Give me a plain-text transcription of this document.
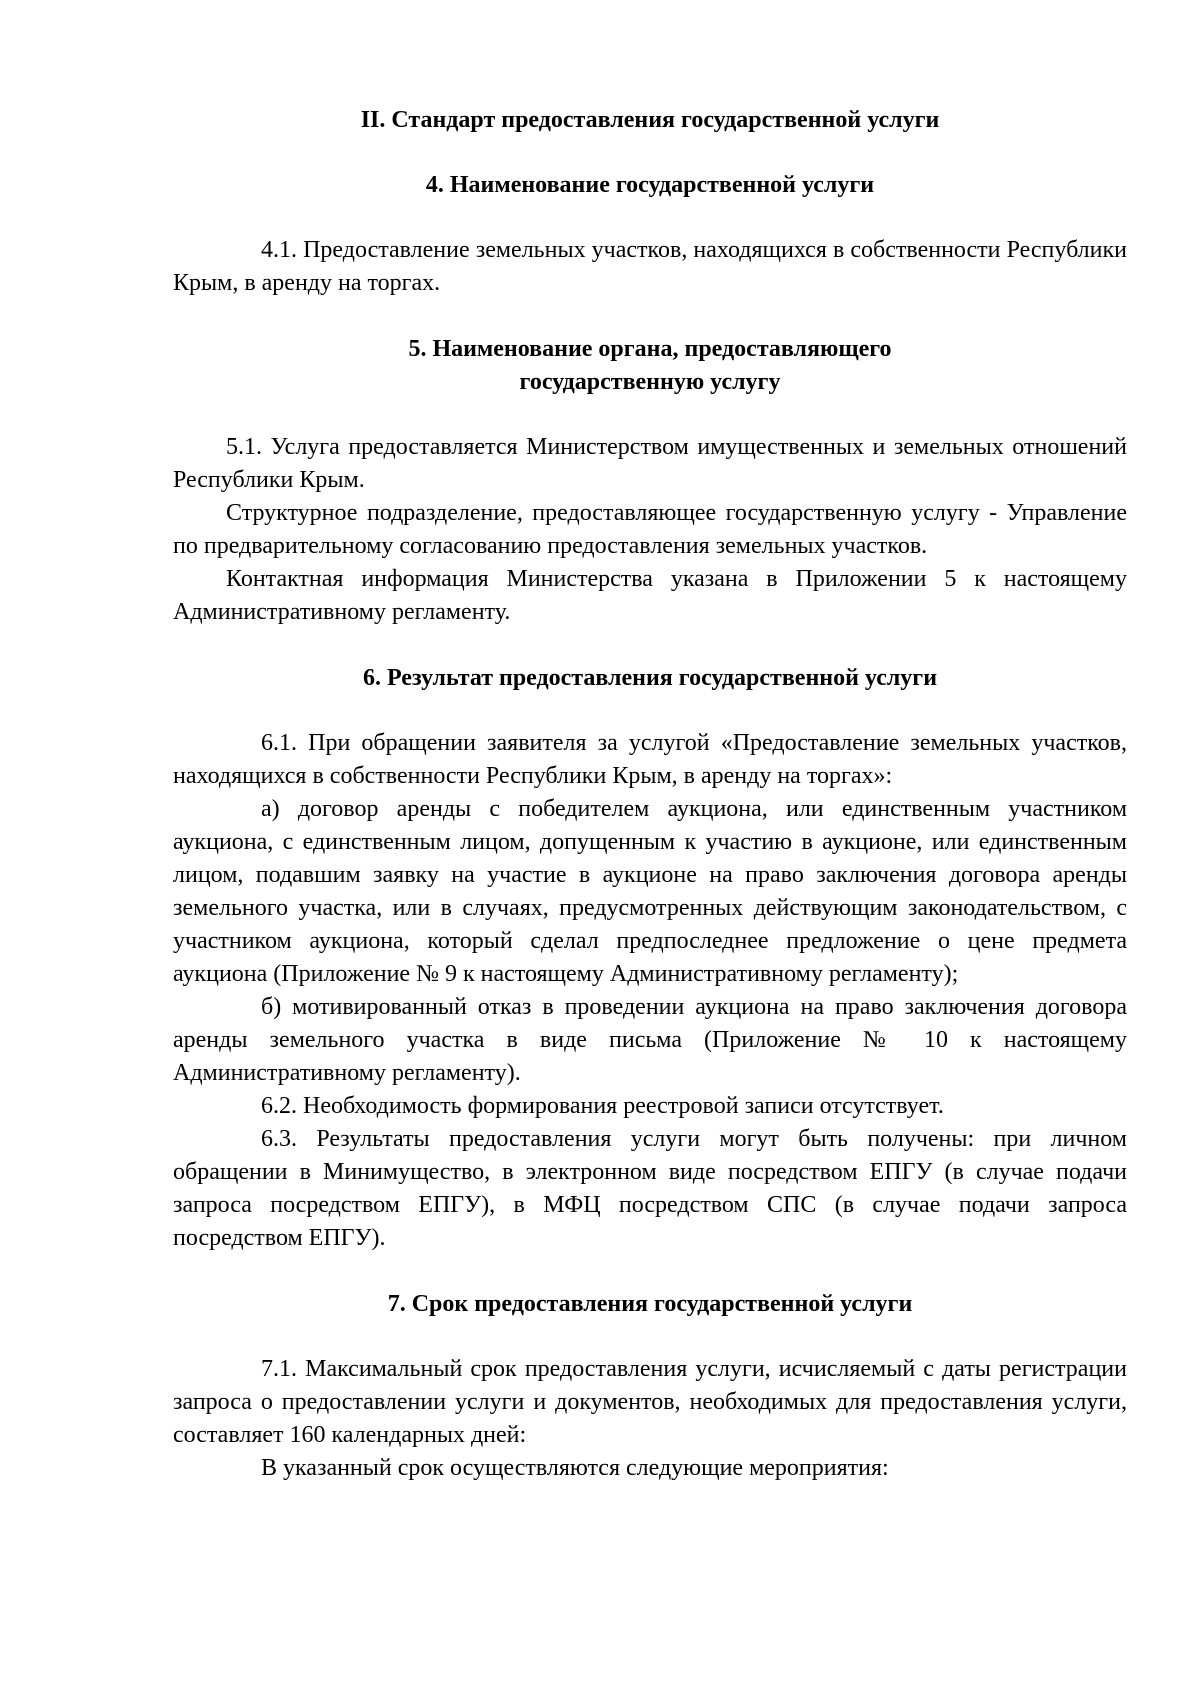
II. Стандарт предоставления государственной услуги
4. Наименование государственной услуги

4.1. Предоставление земельных участков, находящихся в собственности Республики Крым, в аренду на торгах.

5. Наименование органа, предоставляющего
государственную услугу

5.1. Услуга предоставляется Министерством имущественных и земельных отношений Республики Крым.

Структурное подразделение, предоставляющее государственную услугу - Управление по предварительному согласованию предоставления земельных участков.

Контактная информация Министерства указана в Приложении 5 к настоящему Административному регламенту.

6. Результат предоставления государственной услуги

6.1. При обращении заявителя за услугой «Предоставление земельных участков, находящихся в собственности Республики Крым, в аренду на торгах»:

а) договор аренды с победителем аукциона, или единственным участником аукциона, с единственным лицом, допущенным к участию в аукционе, или единственным лицом, подавшим заявку на участие в аукционе на право заключения договора аренды земельного участка, или в случаях, предусмотренных действующим законодательством, с участником аукциона, который сделал предпоследнее предложение о цене предмета аукциона (Приложение № 9 к настоящему Административному регламенту);

б) мотивированный отказ в проведении аукциона на право заключения договора аренды земельного участка в виде письма (Приложение № 10 к настоящему Административному регламенту).

6.2. Необходимость формирования реестровой записи отсутствует.

6.3. Результаты предоставления услуги могут быть получены: при личном обращении в Минимущество, в электронном виде посредством ЕПГУ (в случае подачи запроса посредством ЕПГУ), в МФЦ посредством СПС (в случае подачи запроса посредством ЕПГУ).

7. Срок предоставления государственной услуги

7.1. Максимальный срок предоставления услуги, исчисляемый с даты регистрации запроса о предоставлении услуги и документов, необходимых для предоставления услуги, составляет 160 календарных дней:

В указанный срок осуществляются следующие мероприятия:
